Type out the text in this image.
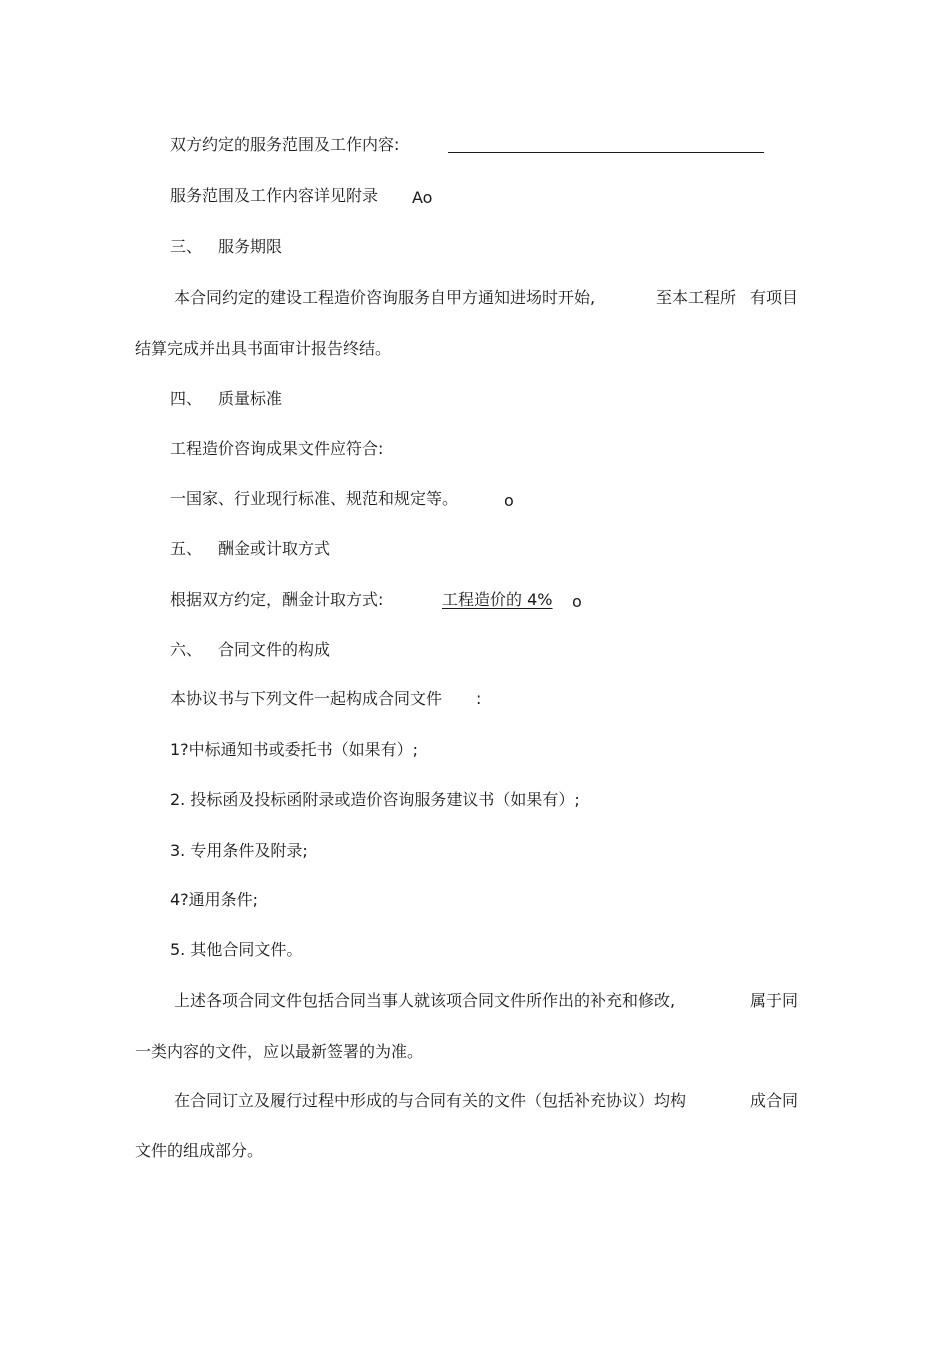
双方约定的服务范围及工作内容:
服务范围及工作内容详见附录 Ao
三、 服务期限
本合同约定的建设工程造价咨询服务自甲方通知进场时开始,	至本工程所 有项目
结算完成并出具书面审计报告终结。
四、 质量标准
工程造价咨询成果文件应符合:
一国家、行业现行标准、规范和规定等。	o
五、 酬金或计取方式
根据双方约定，酬金计取方式:	工程造价的 4% o
六、 合同文件的构成
本协议书与下列文件一起构成合同文件 :
1?中标通知书或委托书（如果有）;
2. 投标函及投标函附录或造价咨询服务建议书（如果有）;
3. 专用条件及附录;
4?通用条件;
5. 其他合同文件。
上述各项合同文件包括合同当事人就该项合同文件所作出的补充和修改,	属于同
一类内容的文件，应以最新签署的为准。
在合同订立及履行过程中形成的与合同有关的文件（包括补充协议）均构	成合同
文件的组成部分。
